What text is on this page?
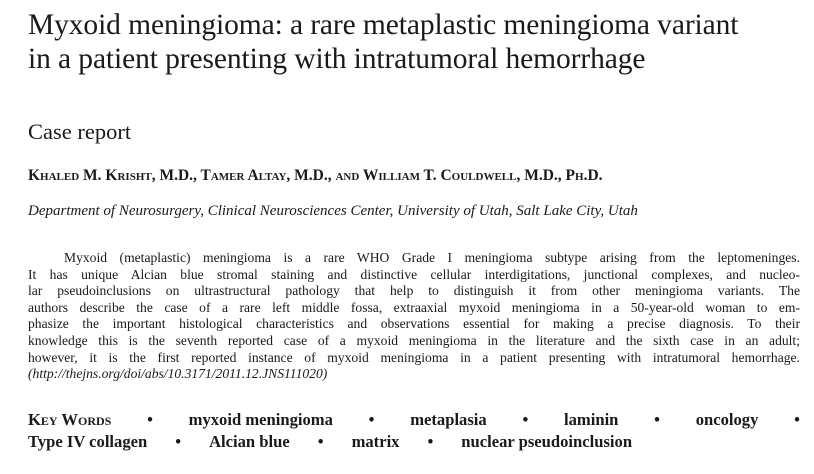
Myxoid meningioma: a rare metaplastic meningioma variant
in a patient presenting with intratumoral hemorrhage
Case report
Khaled M. Krisht, M.D., Tamer Altay, M.D., and William T. Couldwell, M.D., Ph.D.
Department of Neurosurgery, Clinical Neurosciences Center, University of Utah, Salt Lake City, Utah
Myxoid (metaplastic) meningioma is a rare WHO Grade I meningioma subtype arising from the leptomeninges.
It has unique Alcian blue stromal staining and distinctive cellular interdigitations, junctional complexes, and nucleo-
lar pseudoinclusions on ultrastructural pathology that help to distinguish it from other meningioma variants. The
authors describe the case of a rare left middle fossa, extraaxial myxoid meningioma in a 50-year-old woman to em-
phasize the important histological characteristics and observations essential for making a precise diagnosis. To their
knowledge this is the seventh reported case of a myxoid meningioma in the literature and the sixth case in an adult;
however, it is the first reported instance of myxoid meningioma in a patient presenting with intratumoral hemorrhage.
(http://thejns.org/doi/abs/10.3171/2011.12.JNS111020)
Key Words • myxoid meningioma • metaplasia • laminin • oncology •
Type IV collagen • Alcian blue • matrix • nuclear pseudoinclusion
